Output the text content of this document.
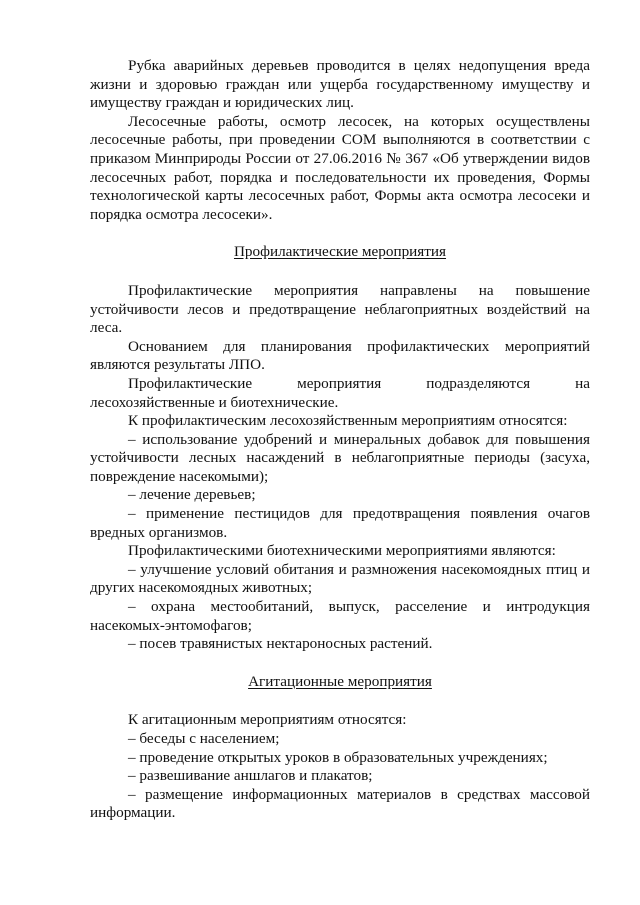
Рубка аварийных деревьев проводится в целях недопущения вреда жизни и здоровью граждан или ущерба государственному имуществу и имуществу граждан и юридических лиц.

Лесосечные работы, осмотр лесосек, на которых осуществлены лесосечные работы, при проведении СОМ выполняются в соответствии с приказом Минприроды России от 27.06.2016 № 367 «Об утверждении видов лесосечных работ, порядка и последовательности их проведения, Формы технологической карты лесосечных работ, Формы акта осмотра лесосеки и порядка осмотра лесосеки».

Профилактические мероприятия

Профилактические мероприятия направлены на повышение устойчивости лесов и предотвращение неблагоприятных воздействий на леса.

Основанием для планирования профилактических мероприятий являются результаты ЛПО.

Профилактические мероприятия подразделяются на

лесохозяйственные и биотехнические.

К профилактическим лесохозяйственным мероприятиям относятся:

– использование удобрений и минеральных добавок для повышения устойчивости лесных насаждений в неблагоприятные периоды (засуха, повреждение насекомыми);

– лечение деревьев;

– применение пестицидов для предотвращения появления очагов вредных организмов.

Профилактическими биотехническими мероприятиями являются:

– улучшение условий обитания и размножения насекомоядных птиц и других насекомоядных животных;

– охрана местообитаний, выпуск, расселение и интродукция насекомых-энтомофагов;

– посев травянистых нектароносных растений.

Агитационные мероприятия

К агитационным мероприятиям относятся:

– беседы с населением;

– проведение открытых уроков в образовательных учреждениях;

– развешивание аншлагов и плакатов;

– размещение информационных материалов в средствах массовой информации.
